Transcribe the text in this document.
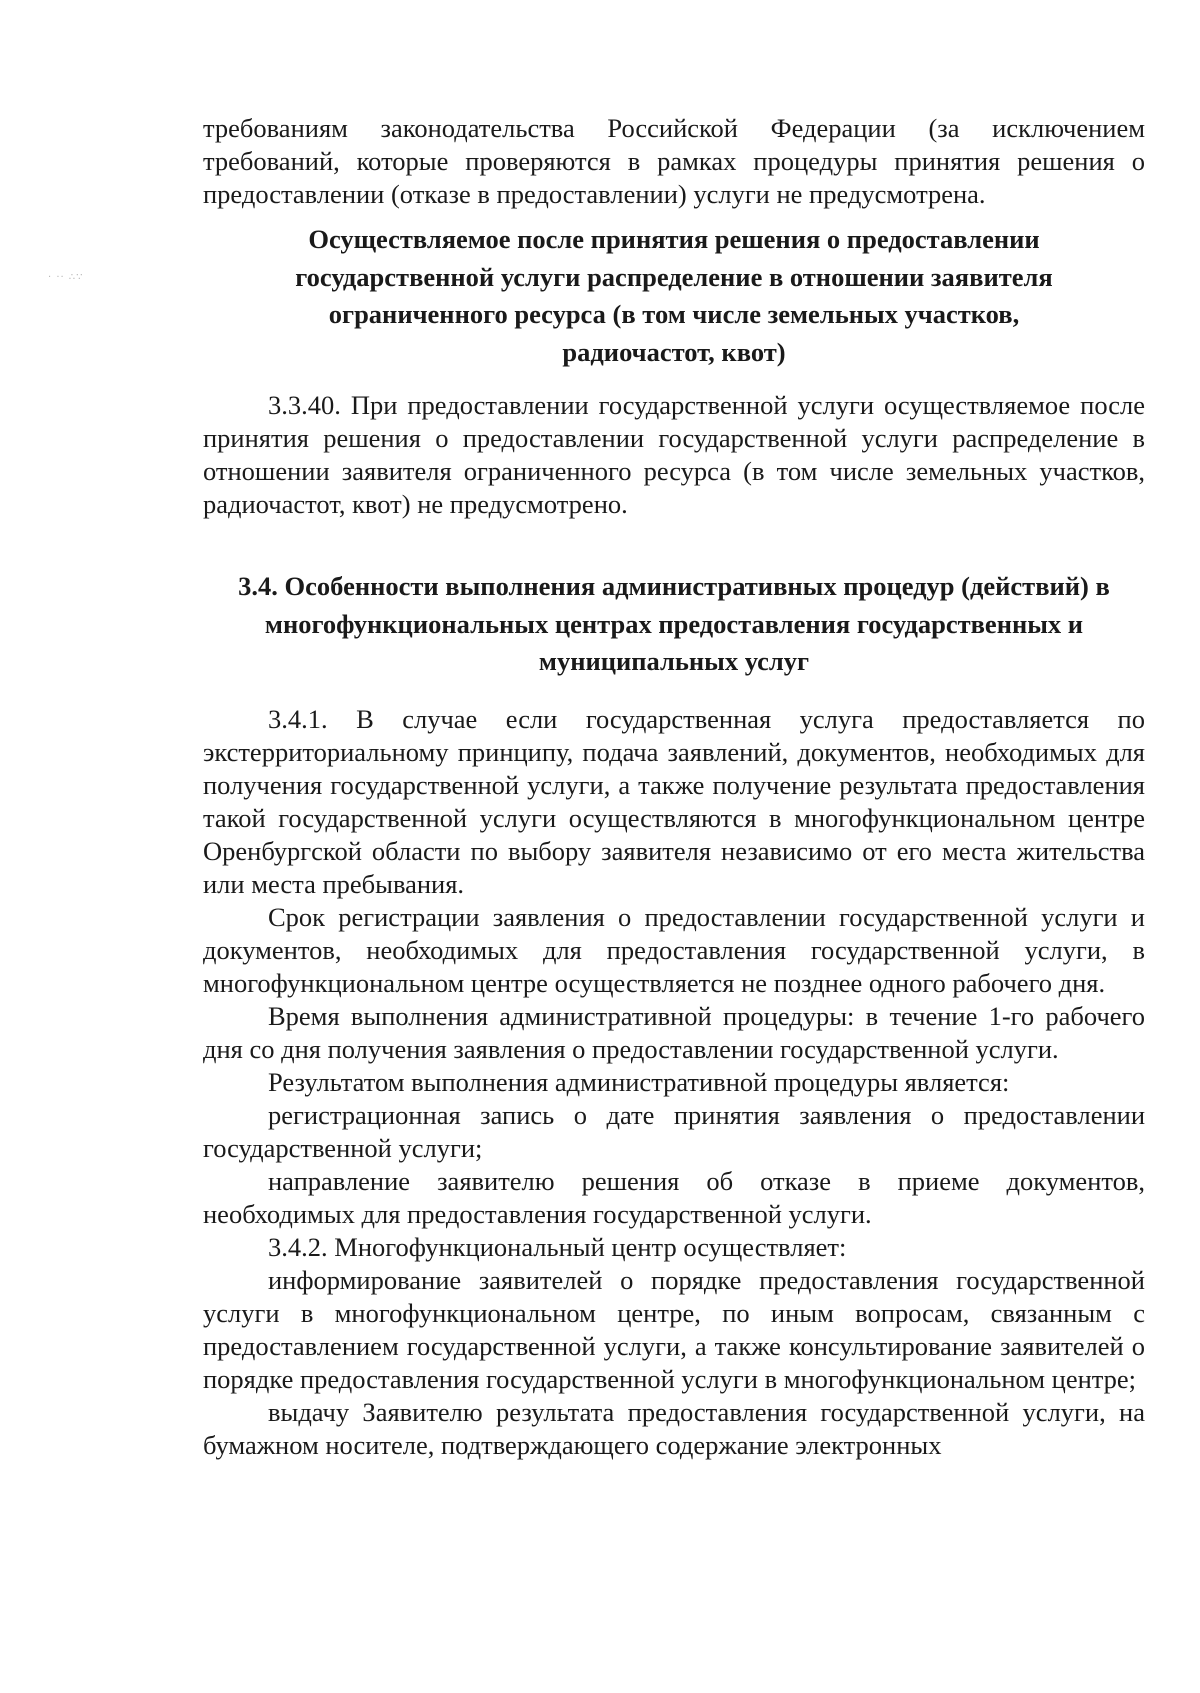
· ·· ∴∵

требованиям законодательства Российской Федерации (за исключением требований, которые проверяются в рамках процедуры принятия решения о предоставлении (отказе в предоставлении) услуги не предусмотрена.

Осуществляемое после принятия решения о предоставлении государственной услуги распределение в отношении заявителя ограниченного ресурса (в том числе земельных участков, радиочастот, квот)

3.3.40. При предоставлении государственной услуги осуществляемое после принятия решения о предоставлении государственной услуги распределение в отношении заявителя ограниченного ресурса (в том числе земельных участков, радиочастот, квот) не предусмотрено.

3.4. Особенности выполнения административных процедур (действий) в многофункциональных центрах предоставления государственных и муниципальных услуг

3.4.1. В случае если государственная услуга предоставляется по экстерриториальному принципу, подача заявлений, документов, необходимых для получения государственной услуги, а также получение результата предоставления такой государственной услуги осуществляются в многофункциональном центре Оренбургской области по выбору заявителя независимо от его места жительства или места пребывания.

Срок регистрации заявления о предоставлении государственной услуги и документов, необходимых для предоставления государственной услуги, в многофункциональном центре осуществляется не позднее одного рабочего дня.

Время выполнения административной процедуры: в течение 1-го рабочего дня со дня получения заявления о предоставлении государственной услуги.

Результатом выполнения административной процедуры является:

регистрационная запись о дате принятия заявления о предоставлении государственной услуги;

направление заявителю решения об отказе в приеме документов, необходимых для предоставления государственной услуги.

3.4.2. Многофункциональный центр осуществляет:

информирование заявителей о порядке предоставления государственной услуги в многофункциональном центре, по иным вопросам, связанным с предоставлением государственной услуги, а также консультирование заявителей о порядке предоставления государственной услуги в многофункциональном центре;

выдачу Заявителю результата предоставления государственной услуги, на бумажном носителе, подтверждающего содержание электронных
